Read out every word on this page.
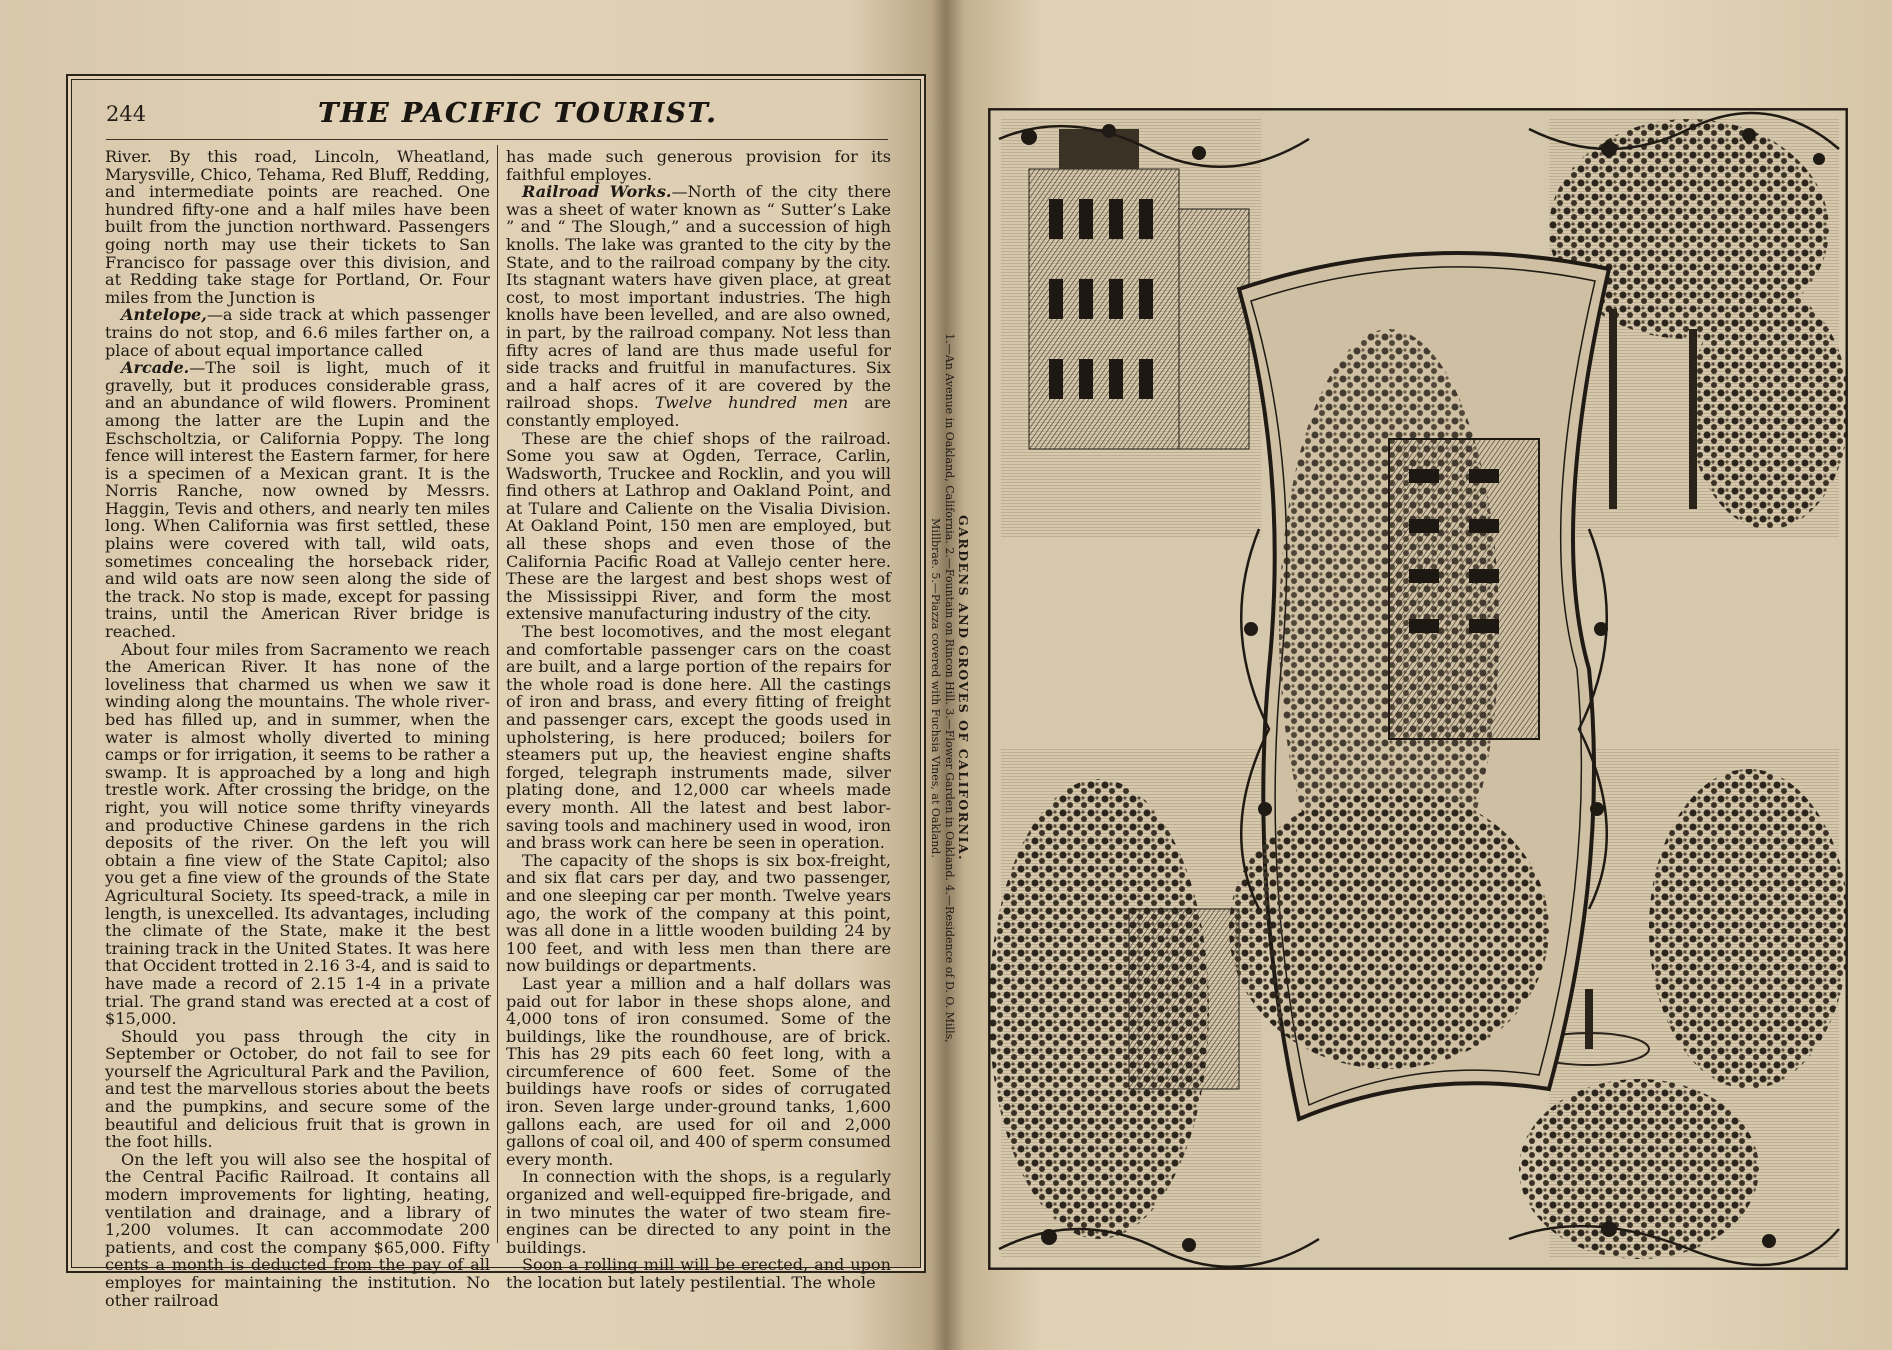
244	THE PACIFIC TOURIST.

River. By this road, Lincoln, Wheatland, Marysville, Chico, Tehama, Red Bluff, Redding, and intermediate points are reached. One hundred fifty-one and a half miles have been built from the junction northward. Passengers going north may use their tickets to San Francisco for passage over this division, and at Redding take stage for Portland, Or. Four miles from the Junction is

Antelope,—a side track at which passenger trains do not stop, and 6.6 miles farther on, a place of about equal importance called

Arcade.—The soil is light, much of it gravelly, but it produces considerable grass, and an abundance of wild flowers. Prominent among the latter are the Lupin and the Eschscholtzia, or California Poppy. The long fence will interest the Eastern farmer, for here is a specimen of a Mexican grant. It is the Norris Ranche, now owned by Messrs. Haggin, Tevis and others, and nearly ten miles long. When California was first settled, these plains were covered with tall, wild oats, sometimes concealing the horseback rider, and wild oats are now seen along the side of the track. No stop is made, except for passing trains, until the American River bridge is reached.

About four miles from Sacramento we reach the American River. It has none of the loveliness that charmed us when we saw it winding along the mountains. The whole river-bed has filled up, and in summer, when the water is almost wholly diverted to mining camps or for irrigation, it seems to be rather a swamp. It is approached by a long and high trestle work. After crossing the bridge, on the right, you will notice some thrifty vineyards and productive Chinese gardens in the rich deposits of the river. On the left you will obtain a fine view of the State Capitol; also you get a fine view of the grounds of the State Agricultural Society. Its speed-track, a mile in length, is unexcelled. Its advantages, including the climate of the State, make it the best training track in the United States. It was here that Occident trotted in 2.16 3-4, and is said to have made a record of 2.15 1-4 in a private trial. The grand stand was erected at a cost of $15,000.

Should you pass through the city in September or October, do not fail to see for yourself the Agricultural Park and the Pavilion, and test the marvellous stories about the beets and the pumpkins, and secure some of the beautiful and delicious fruit that is grown in the foot hills.

On the left you will also see the hospital of the Central Pacific Railroad. It contains all modern improvements for lighting, heating, ventilation and drainage, and a library of 1,200 volumes. It can accommodate 200 patients, and cost the company $65,000. Fifty cents a month is deducted from the pay of all employes for maintaining the institution. No other railroad

has made such generous provision for its faithful employes.

Railroad Works.—North of the city there was a sheet of water known as “ Sutter’s Lake ” and “ The Slough,” and a succession of high knolls. The lake was granted to the city by the State, and to the railroad company by the city. Its stagnant waters have given place, at great cost, to most important industries. The high knolls have been levelled, and are also owned, in part, by the railroad company. Not less than fifty acres of land are thus made useful for side tracks and fruitful in manufactures. Six and a half acres of it are covered by the railroad shops. Twelve hundred men are constantly employed.

These are the chief shops of the railroad. Some you saw at Ogden, Terrace, Carlin, Wadsworth, Truckee and Rocklin, and you will find others at Lathrop and Oakland Point, and at Tulare and Caliente on the Visalia Division. At Oakland Point, 150 men are employed, but all these shops and even those of the California Pacific Road at Vallejo center here. These are the largest and best shops west of the Mississippi River, and form the most extensive manufacturing industry of the city.

The best locomotives, and the most elegant and comfortable passenger cars on the coast are built, and a large portion of the repairs for the whole road is done here. All the castings of iron and brass, and every fitting of freight and passenger cars, except the goods used in upholstering, is here produced; boilers for steamers put up, the heaviest engine shafts forged, telegraph instruments made, silver plating done, and 12,000 car wheels made every month. All the latest and best labor-saving tools and machinery used in wood, iron and brass work can here be seen in operation.

The capacity of the shops is six box-freight, and six flat cars per day, and two passenger, and one sleeping car per month. Twelve years ago, the work of the company at this point, was all done in a little wooden building 24 by 100 feet, and with less men than there are now buildings or departments.

Last year a million and a half dollars was paid out for labor in these shops alone, and 4,000 tons of iron consumed. Some of the buildings, like the roundhouse, are of brick. This has 29 pits each 60 feet long, with a circumference of 600 feet. Some of the buildings have roofs or sides of corrugated iron. Seven large under-ground tanks, 1,600 gallons each, are used for oil and 2,000 gallons of coal oil, and 400 of sperm consumed every month.

In connection with the shops, is a regularly organized and well-equipped fire-brigade, and in two minutes the water of two steam fire-engines can be directed to any point in the buildings.

Soon a rolling mill will be erected, and upon the location but lately pestilential. The whole

GARDENS AND GROVES OF CALIFORNIA.
1.—An Avenue in Oakland, California. 2.—Fountain on Rincon Hill. 3.—Flower Garden in Oakland. 4.—Residence of D. O. Mills, Millbrae. 5.—Piazza covered with Fuchsia Vines, at Oakland.
